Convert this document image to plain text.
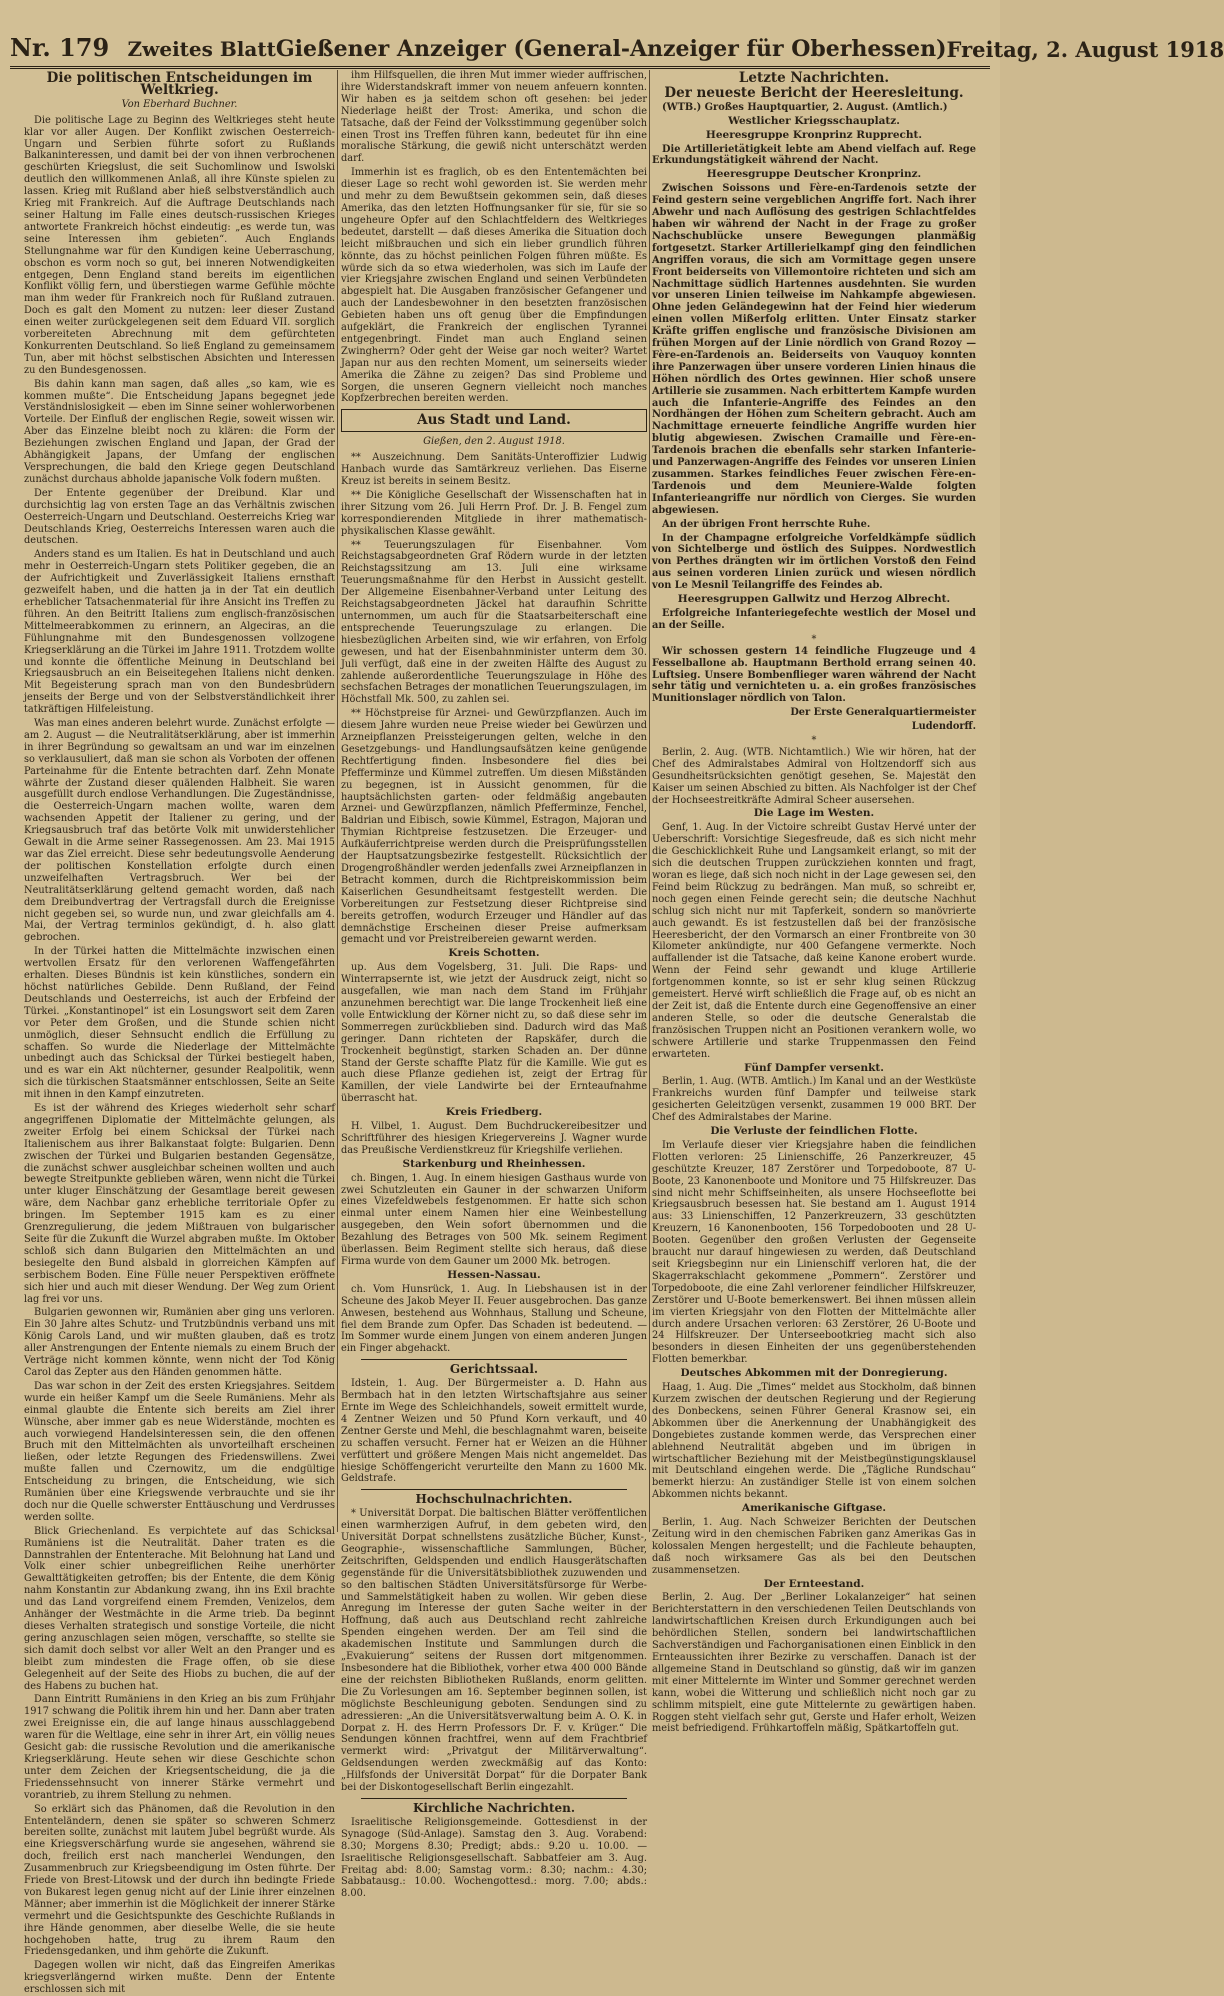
Nr. 179 Zweites Blatt Gießener Anzeiger (General-Anzeiger für Oberhessen) Freitag, 2. August 1918
Die politischen Entscheidungen im Weltkrieg.
Von Eberhard Buchner.

Die politische Lage zu Beginn des Weltkrieges steht heute klar vor aller Augen. Der Konflikt zwischen Oesterreich-Ungarn und Serbien führte sofort zu Rußlands Balkaninteressen, und damit bei der von ihnen verbrochenen geschürten Kriegslust, die seit Suchomlinow und Iswolski deutlich den willkommenen Anlaß, all ihre Künste spielen zu lassen. Krieg mit Rußland aber hieß selbstverständlich auch Krieg mit Frankreich. Auf die Auftrage Deutschlands nach seiner Haltung im Falle eines deutsch-russischen Krieges antwortete Frankreich höchst eindeutig: „es werde tun, was seine Interessen ihm gebieten“. Auch Englands Stellungnahme war für den Kundigen keine Ueberraschung, obschon es vorm noch so gut, bei inneren Notwendigkeiten entgegen, Denn England stand bereits im eigentlichen Konflikt völlig fern, und überstiegen warme Gefühle möchte man ihm weder für Frankreich noch für Rußland zutrauen. Doch es galt den Moment zu nutzen: leer dieser Zustand einen weiter zurückgelegenen seit dem Eduard VII. sorglich vorbereiteten Abrechnung mit dem gefürchteten Konkurrenten Deutschland. So ließ England zu gemeinsamem Tun, aber mit höchst selbstischen Absichten und Interessen zu den Bundesgenossen.

Bis dahin kann man sagen, daß alles „so kam, wie es kommen mußte“. Die Entscheidung Japans begegnet jede Verständnislosigkeit — eben im Sinne seiner wohlerworbenen Vorteile. Der Einfluß der englischen Regie, soweit wissen wir. Aber das Einzelne bleibt noch zu klären: die Form der Beziehungen zwischen England und Japan, der Grad der Abhängigkeit Japans, der Umfang der englischen Versprechungen, die bald den Kriege gegen Deutschland zunächst durchaus abholde japanische Volk fodern mußten.

Der Entente gegenüber der Dreibund. Klar und durchsichtig lag von ersten Tage an das Verhältnis zwischen Oesterreich-Ungarn und Deutschland. Oesterreichs Krieg war Deutschlands Krieg, Oesterreichs Interessen waren auch die deutschen.

Anders stand es um Italien. Es hat in Deutschland und auch mehr in Oesterreich-Ungarn stets Politiker gegeben, die an der Aufrichtigkeit und Zuverlässigkeit Italiens ernsthaft gezweifelt haben, und die hatten ja in der Tat ein deutlich erheblicher Tatsachenmaterial für ihre Ansicht ins Treffen zu führen. An den Beitritt Italiens zum englisch-französischen Mittelmeerabkommen zu erinnern, an Algeciras, an die Fühlungnahme mit den Bundesgenossen vollzogene Kriegserklärung an die Türkei im Jahre 1911. Trotzdem wollte und konnte die öffentliche Meinung in Deutschland bei Kriegsausbruch an ein Beiseitegehen Italiens nicht denken. Mit Begeisterung sprach man von den Bundesbrüdern jenseits der Berge und von der Selbstverständlichkeit ihrer tatkräftigen Hilfeleistung.

Was man eines anderen belehrt wurde. Zunächst erfolgte — am 2. August — die Neutralitätserklärung, aber ist immerhin in ihrer Begründung so gewaltsam an und war im einzelnen so verklausuliert, daß man sie schon als Vorboten der offenen Parteinahme für die Entente betrachten darf. Zehn Monate währte der Zustand dieser quälenden Halbheit. Sie waren ausgefüllt durch endlose Verhandlungen. Die Zugeständnisse, die Oesterreich-Ungarn machen wollte, waren dem wachsenden Appetit der Italiener zu gering, und der Kriegsausbruch traf das betörte Volk mit unwiderstehlicher Gewalt in die Arme seiner Rassegenossen. Am 23. Mai 1915 war das Ziel erreicht. Diese sehr bedeutungsvolle Aenderung der politischen Konstellation erfolgte durch einen unzweifelhaften Vertragsbruch. Wer bei der Neutralitätserklärung geltend gemacht worden, daß nach dem Dreibundvertrag der Vertragsfall durch die Ereignisse nicht gegeben sei, so wurde nun, und zwar gleichfalls am 4. Mai, der Vertrag terminlos gekündigt, d. h. also glatt gebrochen.

In der Türkei hatten die Mittelmächte inzwischen einen wertvollen Ersatz für den verlorenen Waffengefährten erhalten. Dieses Bündnis ist kein künstliches, sondern ein höchst natürliches Gebilde. Denn Rußland, der Feind Deutschlands und Oesterreichs, ist auch der Erbfeind der Türkei. „Konstantinopel“ ist ein Losungswort seit dem Zaren vor Peter dem Großen, und die Stunde schien nicht unmöglich, dieser Sehnsucht endlich die Erfüllung zu schaffen. So wurde die Niederlage der Mittelmächte unbedingt auch das Schicksal der Türkei bestiegelt haben, und es war ein Akt nüchterner, gesunder Realpolitik, wenn sich die türkischen Staatsmänner entschlossen, Seite an Seite mit ihnen in den Kampf einzutreten.

Es ist der während des Krieges wiederholt sehr scharf angegriffenen Diplomatie der Mittelmächte gelungen, als zweiter Erfolg bei einem Schicksal der Türkei nach Italienischem aus ihrer Balkanstaat folgte: Bulgarien. Denn zwischen der Türkei und Bulgarien bestanden Gegensätze, die zunächst schwer ausgleichbar scheinen wollten und auch bewegte Streitpunkte geblieben wären, wenn nicht die Türkei unter kluger Einschätzung der Gesamtlage bereit gewesen wäre, dem Nachbar ganz erhebliche territoriale Opfer zu bringen. Im September 1915 kam es zu einer Grenzregulierung, die jedem Mißtrauen von bulgarischer Seite für die Zukunft die Wurzel abgraben mußte. Im Oktober schloß sich dann Bulgarien den Mittelmächten an und besiegelte den Bund alsbald in glorreichen Kämpfen auf serbischem Boden. Eine Fülle neuer Perspektiven eröffnete sich hier und auch mit dieser Wendung. Der Weg zum Orient lag frei vor uns.

Bulgarien gewonnen wir, Rumänien aber ging uns verloren. Ein 30 Jahre altes Schutz- und Trutzbündnis verband uns mit König Carols Land, und wir mußten glauben, daß es trotz aller Anstrengungen der Entente niemals zu einem Bruch der Verträge nicht kommen könnte, wenn nicht der Tod König Carol das Zepter aus den Händen genommen hätte.

Das war schon in der Zeit des ersten Kriegsjahres. Seitdem wurde ein heißer Kampf um die Seele Rumäniens. Mehr als einmal glaubte die Entente sich bereits am Ziel ihrer Wünsche, aber immer gab es neue Widerstände, mochten es auch vorwiegend Handelsinteressen sein, die den offenen Bruch mit den Mittelmächten als unvorteilhaft erscheinen ließen, oder letzte Regungen des Friedenswillens. Zwei mußte fallen und Czernowitz, um die endgültige Entscheidung zu bringen, die Entscheidung, wie sich Rumänien über eine Kriegswende verbrauchte und sie ihr doch nur die Quelle schwerster Enttäuschung und Verdrusses werden sollte.

Blick Griechenland. Es verpichtete auf das Schicksal Rumäniens ist die Neutralität. Daher traten es die Dannstrahlen der Ententerache. Mit Belohnung hat Land und Volk einer schier unbegreiflichen Reihe unerhörter Gewalttätigkeiten getroffen; bis der Entente, die dem König nahm Konstantin zur Abdankung zwang, ihn ins Exil brachte und das Land vorgreifend einem Fremden, Venizelos, dem Anhänger der Westmächte in die Arme trieb. Da beginnt dieses Verhalten strategisch und sonstige Vorteile, die nicht gering anzuschlagen seien mögen, verschaffte, so stellte sie sich damit doch selbst vor aller Welt an den Pranger und es bleibt zum mindesten die Frage offen, ob sie diese Gelegenheit auf der Seite des Hiobs zu buchen, die auf der des Habens zu buchen hat.

Dann Eintritt Rumäniens in den Krieg an bis zum Frühjahr 1917 schwang die Politik ihrem hin und her. Dann aber traten zwei Ereignisse ein, die auf lange hinaus ausschlaggebend waren für die Weltlage, eine sehr in ihrer Art, ein völlig neues Gesicht gab: die russische Revolution und die amerikanische Kriegserklärung. Heute sehen wir diese Geschichte schon unter dem Zeichen der Kriegsentscheidung, die ja die Friedenssehnsucht von innerer Stärke vermehrt und vorantrieb, zu ihrem Stellung zu nehmen.

So erklärt sich das Phänomen, daß die Revolution in den Ententeländern, denen sie später so schweren Schmerz bereiten sollte, zunächst mit lautem Jubel begrüßt wurde. Als eine Kriegsverschärfung wurde sie angesehen, während sie doch, freilich erst nach mancherlei Wendungen, den Zusammenbruch zur Kriegsbeendigung im Osten führte. Der Friede von Brest-Litowsk und der durch ihn bedingte Friede von Bukarest legen genug nicht auf der Linie ihrer einzelnen Männer; aber immerhin ist die Möglichkeit der innerer Stärke vermehrt und die Gesichtspunkte des Geschichte Rußlands in ihre Hände genommen, aber dieselbe Welle, die sie heute hochgehoben hatte, trug zu ihrem Raum den Friedensgedanken, und ihm gehörte die Zukunft.

Dagegen wollen wir nicht, daß das Eingreifen Amerikas kriegsverlängernd wirken mußte. Denn der Entente erschlossen sich mit

ihm Hilfsquellen, die ihren Mut immer wieder auffrischen, ihre Widerstandskraft immer von neuem anfeuern konnten. Wir haben es ja seitdem schon oft gesehen: bei jeder Niederlage heißt der Trost: Amerika, und schon die Tatsache, daß der Feind der Volksstimmung gegenüber solch einen Trost ins Treffen führen kann, bedeutet für ihn eine moralische Stärkung, die gewiß nicht unterschätzt werden darf.

Immerhin ist es fraglich, ob es den Ententemächten bei dieser Lage so recht wohl geworden ist. Sie werden mehr und mehr zu dem Bewußtsein gekommen sein, daß dieses Amerika, das den letzten Hoffnungsanker für sie, für sie so ungeheure Opfer auf den Schlachtfeldern des Weltkrieges bedeutet, darstellt — daß dieses Amerika die Situation doch leicht mißbrauchen und sich ein lieber grundlich führen könnte, das zu höchst peinlichen Folgen führen müßte. Es würde sich da so etwa wiederholen, was sich im Laufe der vier Kriegsjahre zwischen England und seinen Verbündeten abgespielt hat. Die Ausgaben französischer Gefangener und auch der Landesbewohner in den besetzten französischen Gebieten haben uns oft genug über die Empfindungen aufgeklärt, die Frankreich der englischen Tyrannei entgegenbringt. Findet man auch England seinen Zwingherrn? Oder geht der Weise gar noch weiter? Wartet Japan nur aus den rechten Moment, um seinerseits wieder Amerika die Zähne zu zeigen? Das sind Probleme und Sorgen, die unseren Gegnern vielleicht noch manches Kopfzerbrechen bereiten werden.

Aus Stadt und Land.
Gießen, den 2. August 1918.

** Auszeichnung. Dem Sanitäts-Unteroffizier Ludwig Hanbach wurde das Samtärkreuz verliehen. Das Eiserne Kreuz ist bereits in seinem Besitz.

** Die Königliche Gesellschaft der Wissenschaften hat in ihrer Sitzung vom 26. Juli Herrn Prof. Dr. J. B. Fengel zum korrespondierenden Mitgliede in ihrer mathematisch-physikalischen Klasse gewählt.

** Teuerungszulagen für Eisenbahner. Vom Reichstagsabgeordneten Graf Rödern wurde in der letzten Reichstagssitzung am 13. Juli eine wirksame Teuerungsmaßnahme für den Herbst in Aussicht gestellt. Der Allgemeine Eisenbahner-Verband unter Leitung des Reichstagsabgeordneten Jäckel hat daraufhin Schritte unternommen, um auch für die Staatsarbeiterschaft eine entsprechende Teuerungszulage zu erlangen. Die hiesbezüglichen Arbeiten sind, wie wir erfahren, von Erfolg gewesen, und hat der Eisenbahnminister unterm dem 30. Juli verfügt, daß eine in der zweiten Hälfte des August zu zahlende außerordentliche Teuerungszulage in Höhe des sechsfachen Betrages der monatlichen Teuerungszulagen, im Höchstfall Mk. 500, zu zahlen sei.

** Höchstpreise für Arznei- und Gewürzpflanzen. Auch im diesem Jahre wurden neue Preise wieder bei Gewürzen und Arzneipflanzen Preissteigerungen gelten, welche in den Gesetzgebungs- und Handlungsaufsätzen keine genügende Rechtfertigung finden. Insbesondere fiel dies bei Pfefferminze und Kümmel zutreffen. Um diesen Mißständen zu begegnen, ist in Aussicht genommen, für die hauptsächlichsten garten- oder feldmäßig angebauten Arznei- und Gewürzpflanzen, nämlich Pfefferminze, Fenchel, Baldrian und Eibisch, sowie Kümmel, Estragon, Majoran und Thymian Richtpreise festzusetzen. Die Erzeuger- und Aufkäuferrichtpreise werden durch die Preisprüfungsstellen der Hauptsatzungsbezirke festgestellt. Rücksichtlich der Drogengroßhändler werden jedenfalls zwei Arzneipflanzen in Betracht kommen, durch die Richtpreiskommission beim Kaiserlichen Gesundheitsamt festgestellt werden. Die Vorbereitungen zur Festsetzung dieser Richtpreise sind bereits getroffen, wodurch Erzeuger und Händler auf das demnächstige Erscheinen dieser Preise aufmerksam gemacht und vor Preistreibereien gewarnt werden.

Kreis Schotten.

up. Aus dem Vogelsberg, 31. Juli. Die Raps- und Winterrapsernte ist, wie jetzt der Ausdruck zeigt, nicht so ausgefallen, wie man nach dem Stand im Frühjahr anzunehmen berechtigt war. Die lange Trockenheit ließ eine volle Entwicklung der Körner nicht zu, so daß diese sehr im Sommerregen zurückblieben sind. Dadurch wird das Maß geringer. Dann richteten der Rapskäfer, durch die Trockenheit begünstigt, starken Schaden an. Der dünne Stand der Gerste schaffte Platz für die Kamille. Wie gut es auch diese Pflanze gediehen ist, zeigt der Ertrag für Kamillen, der viele Landwirte bei der Ernteaufnahme überrascht hat.

Kreis Friedberg.

H. Vilbel, 1. August. Dem Buchdruckereibesitzer und Schriftführer des hiesigen Kriegervereins J. Wagner wurde das Preußische Verdienstkreuz für Kriegshilfe verliehen.

Starkenburg und Rheinhessen.

ch. Bingen, 1. Aug. In einem hiesigen Gasthaus wurde von zwei Schutzleuten ein Gauner in der schwarzen Uniform eines Vizefeldwebels festgenommen. Er hatte sich schon einmal unter einem Namen hier eine Weinbestellung ausgegeben, den Wein sofort übernommen und die Bezahlung des Betrages von 500 Mk. seinem Regiment überlassen. Beim Regiment stellte sich heraus, daß diese Firma wurde von dem Gauner um 2000 Mk. betrogen.

Hessen-Nassau.

ch. Vom Hunsrück, 1. Aug. In Liebshausen ist in der Scheune des Jakob Meyer II. Feuer ausgebrochen. Das ganze Anwesen, bestehend aus Wohnhaus, Stallung und Scheune, fiel dem Brande zum Opfer. Das Schaden ist bedeutend. — Im Sommer wurde einem Jungen von einem anderen Jungen ein Finger abgehackt.

Gerichtssaal.

Idstein, 1. Aug. Der Bürgermeister a. D. Hahn aus Bermbach hat in den letzten Wirtschaftsjahre aus seiner Ernte im Wege des Schleichhandels, soweit ermittelt wurde, 4 Zentner Weizen und 50 Pfund Korn verkauft, und 40 Zentner Gerste und Mehl, die beschlagnahmt waren, beiseite zu schaffen versucht. Ferner hat er Weizen an die Hühner verfüttert und größere Mengen Mais nicht angemeldet. Das hiesige Schöffengericht verurteilte den Mann zu 1600 Mk. Geldstrafe.

Hochschulnachrichten.

* Universität Dorpat. Die baltischen Blätter veröffentlichen einen warmherzigen Aufruf, in dem gebeten wird, den Universität Dorpat schnellstens zusätzliche Bücher, Kunst-, Geographie-, wissenschaftliche Sammlungen, Bücher, Zeitschriften, Geldspenden und endlich Hausgerätschaften gegenstände für die Universitätsbibliothek zuzuwenden und so den baltischen Städten Universitätsfürsorge für Werbe- und Sammelstätigkeit haben zu wollen. Wir geben diese Anregung im Interesse der guten Sache weiter in der Hoffnung, daß auch aus Deutschland recht zahlreiche Spenden eingehen werden. Der am Teil sind die akademischen Institute und Sammlungen durch die „Evakuierung“ seitens der Russen dort mitgenommen. Insbesondere hat die Bibliothek, vorher etwa 400 000 Bände eine der reichsten Bibliotheken Rußlands, enorm gelitten. Die Zu Vorlesungen am 16. September beginnen sollen, ist möglichste Beschleunigung geboten. Sendungen sind zu adressieren: „An die Universitätsverwaltung beim A. O. K. in Dorpat z. H. des Herrn Professors Dr. F. v. Krüger.“ Die Sendungen können frachtfrei, wenn auf dem Frachtbrief vermerkt wird: „Privatgut der Militärverwaltung“. Geldsendungen werden zweckmäßig auf das Konto: „Hilfsfonds der Universität Dorpat“ für die Dorpater Bank bei der Diskontogesellschaft Berlin eingezahlt.

Kirchliche Nachrichten.

Israelitische Religionsgemeinde. Gottesdienst in der Synagoge (Süd-Anlage). Samstag den 3. Aug. Vorabend: 8.30; Morgens 8.30; Predigt; abds.: 9.20 u. 10.00. — Israelitische Religionsgesellschaft. Sabbatfeier am 3. Aug. Freitag abd: 8.00; Samstag vorm.: 8.30; nachm.: 4.30; Sabbatausg.: 10.00. Wochengottesd.: morg. 7.00; abds.: 8.00.

Letzte Nachrichten.
Der neueste Bericht der Heeresleitung.

(WTB.) Großes Hauptquartier, 2. August. (Amtlich.)

Westlicher Kriegsschauplatz.
Heeresgruppe Kronprinz Rupprecht.

Die Artillerietätigkeit lebte am Abend vielfach auf. Rege Erkundungstätigkeit während der Nacht.

Heeresgruppe Deutscher Kronprinz.

Zwischen Soissons und Fère-en-Tardenois setzte der Feind gestern seine vergeblichen Angriffe fort. Nach ihrer Abwehr und nach Auflösung des gestrigen Schlachtfeldes haben wir während der Nacht in der Frage zu großer Nachschublücke unsere Bewegungen planmäßig fortgesetzt. Starker Artillerielkampf ging den feindlichen Angriffen voraus, die sich am Vormittage gegen unsere Front beiderseits von Villemontoire richteten und sich am Nachmittage südlich Hartennes ausdehnten. Sie wurden vor unseren Linien teilweise im Nahkampfe abgewiesen. Ohne jeden Geländegewinn hat der Feind hier wiederum einen vollen Mißerfolg erlitten. Unter Einsatz starker Kräfte griffen englische und französische Divisionen am frühen Morgen auf der Linie nördlich von Grand Rozoy — Fère-en-Tardenois an. Beiderseits von Vauquoy konnten ihre Panzerwagen über unsere vorderen Linien hinaus die Höhen nördlich des Ortes gewinnen. Hier schoß unsere Artillerie sie zusammen. Nach erbittertem Kampfe wurden auch die Infanterie-Angriffe des Feindes an den Nordhängen der Höhen zum Scheitern gebracht. Auch am Nachmittage erneuerte feindliche Angriffe wurden hier blutig abgewiesen. Zwischen Cramaille und Fère-en-Tardenois brachen die ebenfalls sehr starken Infanterie- und Panzerwagen-Angriffe des Feindes vor unseren Linien zusammen. Starkes feindliches Feuer zwischen Fère-en-Tardenois und dem Meuniere-Walde folgten Infanterieangriffe nur nördlich von Cierges. Sie wurden abgewiesen.

An der übrigen Front herrschte Ruhe.

In der Champagne erfolgreiche Vorfeldkämpfe südlich von Sichtelberge und östlich des Suippes. Nordwestlich von Perthes drängten wir im örtlichen Vorstoß den Feind aus seinen vorderen Linien zurück und wiesen nördlich von Le Mesnil Teilangriffe des Feindes ab.

Heeresgruppen Gallwitz und Herzog Albrecht.

Erfolgreiche Infanteriegefechte westlich der Mosel und an der Seille.

*

Wir schossen gestern 14 feindliche Flugzeuge und 4 Fesselballone ab. Hauptmann Berthold errang seinen 40. Luftsieg. Unsere Bombenflieger waren während der Nacht sehr tätig und vernichteten u. a. ein großes französisches Munitionslager nördlich von Talon.

Der Erste Generalquartiermeister

Ludendorff.

*

Berlin, 2. Aug. (WTB. Nichtamtlich.) Wie wir hören, hat der Chef des Admiralstabes Admiral von Holtzendorff sich aus Gesundheitsrücksichten genötigt gesehen, Se. Majestät den Kaiser um seinen Abschied zu bitten. Als Nachfolger ist der Chef der Hochseestreitkräfte Admiral Scheer ausersehen.

Die Lage im Westen.

Genf, 1. Aug. In der Victoire schreibt Gustav Hervé unter der Ueberschrift: Vorsichtige Siegesfreude, daß es sich nicht mehr die Geschicklichkeit Ruhe und Langsamkeit erlangt, so mit der sich die deutschen Truppen zurückziehen konnten und fragt, woran es liege, daß sich noch nicht in der Lage gewesen sei, den Feind beim Rückzug zu bedrängen. Man muß, so schreibt er, noch gegen einen Feinde gerecht sein; die deutsche Nachhut schlug sich nicht nur mit Tapferkeit, sondern so manövrierte auch gewandt. Es ist festzustellen daß bei der französische Heeresbericht, der den Vormarsch an einer Frontbreite von 30 Kilometer ankündigte, nur 400 Gefangene vermerkte. Noch auffallender ist die Tatsache, daß keine Kanone erobert wurde. Wenn der Feind sehr gewandt und kluge Artillerie fortgenommen konnte, so ist er sehr klug seinen Rückzug gemeistert. Hervé wirft schließlich die Frage auf, ob es nicht an der Zeit ist, daß die Entente durch eine Gegenoffensive an einer anderen Stelle, so oder die deutsche Generalstab die französischen Truppen nicht an Positionen verankern wolle, wo schwere Artillerie und starke Truppenmassen den Feind erwarteten.

Fünf Dampfer versenkt.

Berlin, 1. Aug. (WTB. Amtlich.) Im Kanal und an der Westküste Frankreichs wurden fünf Dampfer und teilweise stark gesicherten Geleitzügen versenkt, zusammen 19 000 BRT. Der Chef des Admiralstabes der Marine.

Die Verluste der feindlichen Flotte.

Im Verlaufe dieser vier Kriegsjahre haben die feindlichen Flotten verloren: 25 Linienschiffe, 26 Panzerkreuzer, 45 geschützte Kreuzer, 187 Zerstörer und Torpedoboote, 87 U-Boote, 23 Kanonenboote und Monitore und 75 Hilfskreuzer. Das sind nicht mehr Schiffseinheiten, als unsere Hochseeflotte bei Kriegsausbruch besessen hat. Sie bestand am 1. August 1914 aus: 33 Linienschiffen, 12 Panzerkreuzern, 33 geschützten Kreuzern, 16 Kanonenbooten, 156 Torpedobooten und 28 U-Booten. Gegenüber den großen Verlusten der Gegenseite braucht nur darauf hingewiesen zu werden, daß Deutschland seit Kriegsbeginn nur ein Linienschiff verloren hat, die der Skagerrakschlacht gekommene „Pommern“. Zerstörer und Torpedoboote, die eine Zahl verlorener feindlicher Hilfskreuzer, Zerstörer und U-Boote bemerkenswert. Bei ihnen müssen allein im vierten Kriegsjahr von den Flotten der Mittelmächte aller durch andere Ursachen verloren: 63 Zerstörer, 26 U-Boote und 24 Hilfskreuzer. Der Unterseebootkrieg macht sich also besonders in diesen Einheiten der uns gegenüberstehenden Flotten bemerkbar.

Deutsches Abkommen mit der Donregierung.

Haag, 1. Aug. Die „Times“ meldet aus Stockholm, daß binnen Kurzem zwischen der deutschen Regierung und der Regierung des Donbeckens, seinen Führer General Krasnow sei, ein Abkommen über die Anerkennung der Unabhängigkeit des Dongebietes zustande kommen werde, das Versprechen einer ablehnend Neutralität abgeben und im übrigen in wirtschaftlicher Beziehung mit der Meistbegünstigungsklausel mit Deutschland eingehen werde. Die „Tägliche Rundschau“ bemerkt hierzu: An zuständiger Stelle ist von einem solchen Abkommen nichts bekannt.

Amerikanische Giftgase.

Berlin, 1. Aug. Nach Schweizer Berichten der Deutschen Zeitung wird in den chemischen Fabriken ganz Amerikas Gas in kolossalen Mengen hergestellt; und die Fachleute behaupten, daß noch wirksamere Gas als bei den Deutschen zusammensetzen.

Der Ernteestand.

Berlin, 2. Aug. Der „Berliner Lokalanzeiger“ hat seinen Berichterstattern in den verschiedenen Teilen Deutschlands von landwirtschaftlichen Kreisen durch Erkundigungen auch bei behördlichen Stellen, sondern bei landwirtschaftlichen Sachverständigen und Fachorganisationen einen Einblick in den Ernteaussichten ihrer Bezirke zu verschaffen. Danach ist der allgemeine Stand in Deutschland so günstig, daß wir im ganzen mit einer Mittelernte im Winter und Sommer gerechnet werden kann, wobei die Witterung und schließlich nicht noch gar zu schlimm mitspielt, eine gute Mittelernte zu gewärtigen haben. Roggen steht vielfach sehr gut, Gerste und Hafer erholt, Weizen meist befriedigend. Frühkartoffeln mäßig, Spätkartoffeln gut.
